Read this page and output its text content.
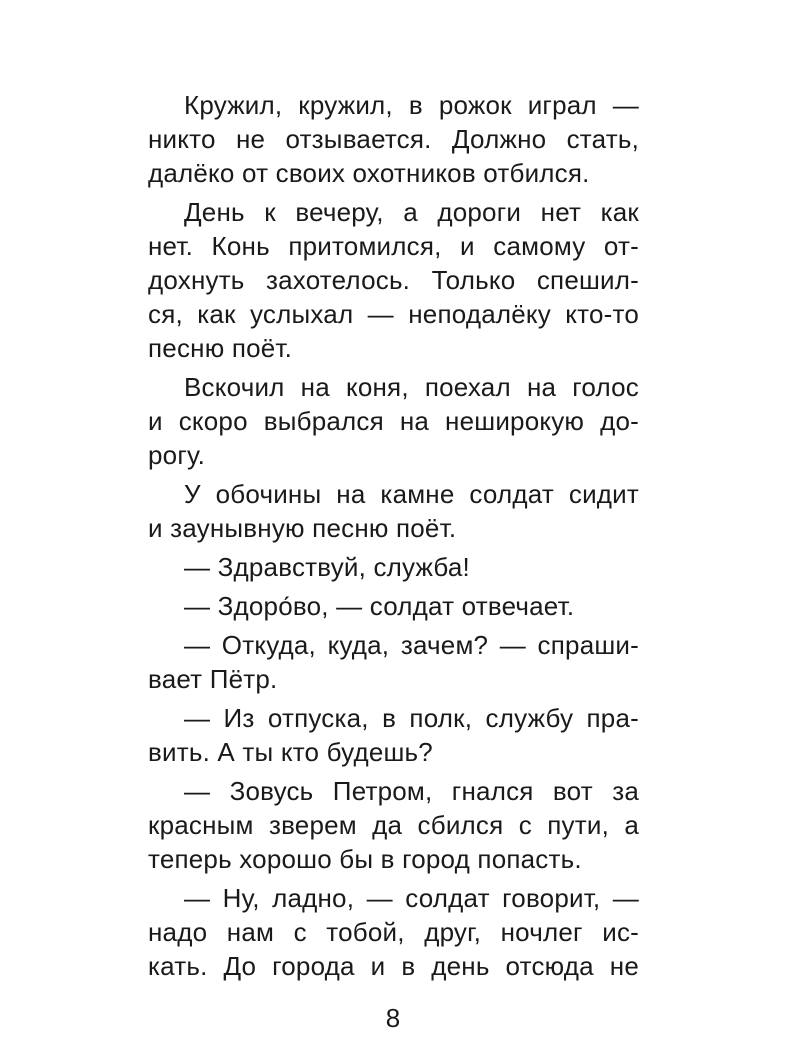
Кружил, кружил, в рожок играл —
никто не отзывается. Должно стать,
далёко от своих охотников отбился.
День к вечеру, а дороги нет как
нет. Конь притомился, и самому от-
дохнуть захотелось. Только спешил-
ся, как услыхал — неподалёку кто-то
песню поёт.
Вскочил на коня, поехал на голос
и скоро выбрался на неширокую до-
рогу.
У обочины на камне солдат сидит
и заунывную песню поёт.
— Здравствуй, служба!
— Здоро́во, — солдат отвечает.
— Откуда, куда, зачем? — спраши-
вает Пётр.
— Из отпуска, в полк, службу пра-
вить. А ты кто будешь?
— Зовусь Петром, гнался вот за
красным зверем да сбился с пути, а
теперь хорошо бы в город попасть.
— Ну, ладно, — солдат говорит, —
надо нам с тобой, друг, ночлег ис-
кать. До города и в день отсюда не
8
